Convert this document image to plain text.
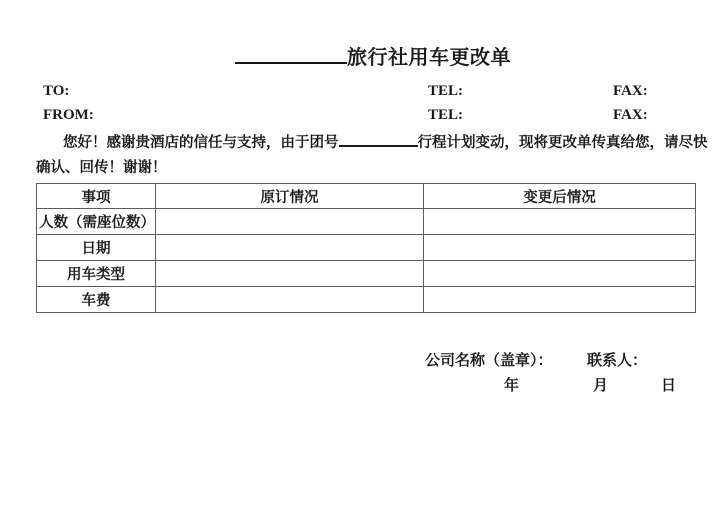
旅行社用车更改单
TO:	TEL:	FAX:
FROM:	TEL:	FAX:
您好！感谢贵酒店的信任与支持，由于团号	行程计划变动，现将更改单传真给您，请尽快
确认、回传！谢谢！
事项	原订情况	变更后情况
人数（需座位数）		
日期		
用车类型		
车费		
公司名称（盖章）： 联系人：
年	月	日
